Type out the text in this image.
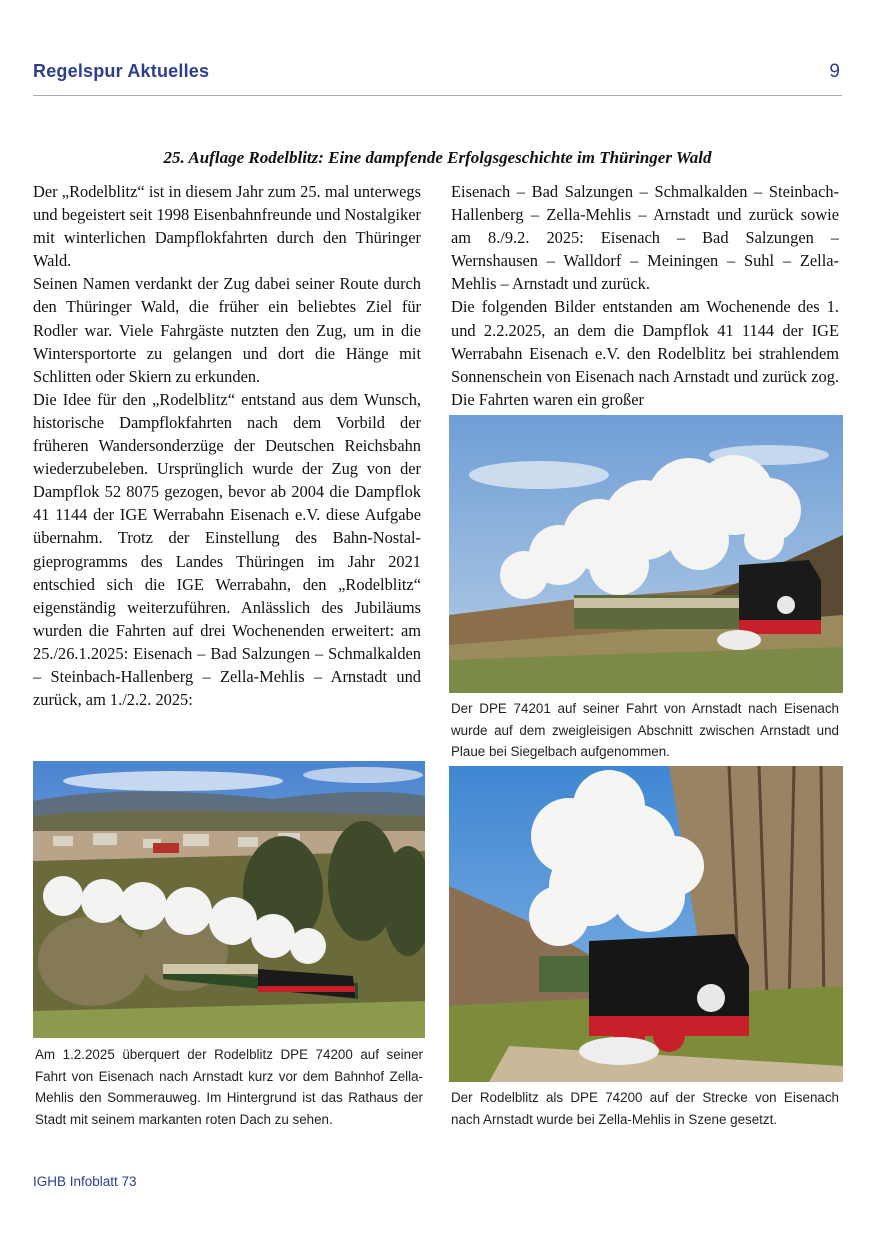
Regelspur Aktuelles	9
25. Auflage Rodelblitz: Eine dampfende Erfolgsgeschichte im Thüringer Wald

Der „Rodelblitz“ ist in diesem Jahr zum 25. mal unterwegs und begeistert seit 1998 Eisenbahnfreunde und Nostalgiker mit winterlichen Dampflokfahrten durch den Thüringer Wald.

Seinen Namen verdankt der Zug dabei seiner Route durch den Thüringer Wald, die früher ein beliebtes Ziel für Rodler war. Viele Fahrgäste nutzten den Zug, um in die Wintersportorte zu gelangen und dort die Hänge mit Schlitten oder Skiern zu erkunden.

Die Idee für den „Rodelblitz“ entstand aus dem Wunsch, historische Dampflokfahrten nach dem Vorbild der früheren Wandersonderzüge der Deutschen Reichsbahn wiederzubeleben. Ursprünglich wurde der Zug von der Dampflok 52 8075 gezogen, bevor ab 2004 die Dampflok 41 1144 der IGE Werrabahn Eisenach e.V. diese Aufgabe übernahm. Trotz der Einstellung des Bahn-Nostalgieprogramms des Landes Thüringen im Jahr 2021 entschied sich die IGE Werrabahn, den „Rodelblitz“ eigenständig weiterzuführen. Anlässlich des Jubiläums wurden die Fahrten auf drei Wochenenden erweitert: am 25./26.1.2025: Eisenach – Bad Salzungen – Schmalkalden – Steinbach-Hallenberg – Zella-Mehlis – Arnstadt und zurück, am 1./2.2. 2025:

Eisenach – Bad Salzungen – Schmalkalden – Steinbach-Hallenberg – Zella-Mehlis – Arnstadt und zurück sowie am 8./9.2. 2025: Eisenach – Bad Salzungen – Wernshausen – Walldorf – Meiningen – Suhl – Zella-Mehlis – Arnstadt und zurück.

Die folgenden Bilder entstanden am Wochenende des 1. und 2.2.2025, an dem die Dampflok 41 1144 der IGE Werrabahn Eisenach e.V. den Rodelblitz bei strahlendem Sonnenschein von Eisenach nach Arnstadt und zurück zog. Die Fahrten waren ein großer

Der DPE 74201 auf seiner Fahrt von Arnstadt nach Eisenach wurde auf dem zweigleisigen Abschnitt zwischen Arnstadt und Plaue bei Siegelbach aufgenommen.
Am 1.2.2025 überquert der Rodelblitz DPE 74200 auf seiner Fahrt von Eisenach nach Arnstadt kurz vor dem Bahnhof Zella-Mehlis den Sommerauweg. Im Hintergrund ist das Rathaus der Stadt mit seinem markanten roten Dach zu sehen.
Der Rodelblitz als DPE 74200 auf der Strecke von Eisenach nach Arnstadt wurde bei Zella-Mehlis in Szene gesetzt.
IGHB Infoblatt 73
